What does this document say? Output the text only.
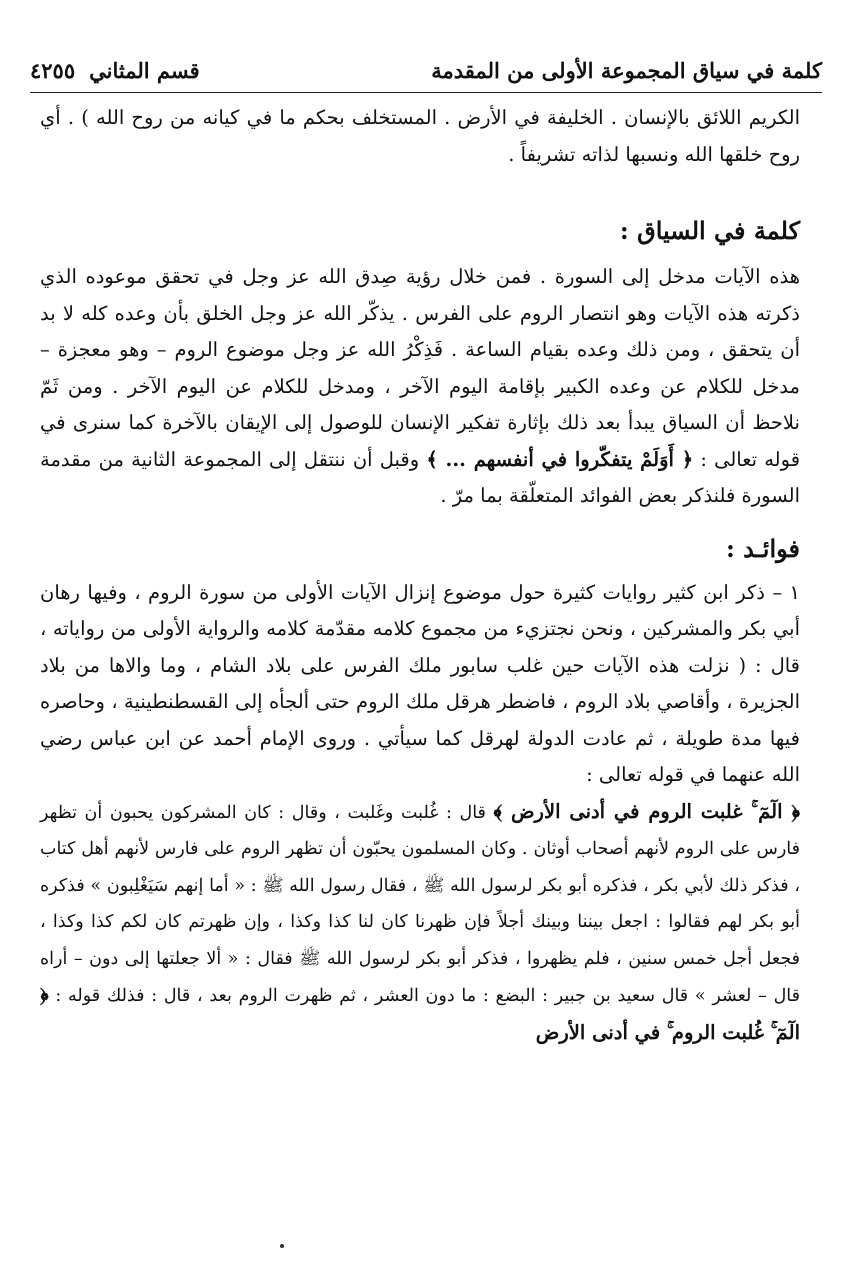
كلمة في سياق المجموعة الأولى من المقدمة
قسم المثاني
٤٢٥٥

الكريم اللائق بالإنسان . الخليفة في الأرض . المستخلف بحكم ما في كيانه من روح الله ) . أي روح خلقها الله ونسبها لذاته تشريفاً .

كلمة في السياق :

هذه الآيات مدخل إلى السورة . فمن خلال رؤية صِدق الله عز وجل في تحقق موعوده الذي ذكرته هذه الآيات وهو انتصار الروم على الفرس . يذكّر الله عز وجل الخلق بأن وعده كله لا بد أن يتحقق ، ومن ذلك وعده بقيام الساعة . فَذِكْرُ الله عز وجل موضوع الروم – وهو معجزة – مدخل للكلام عن وعده الكبير بإقامة اليوم الآخر ، ومدخل للكلام عن اليوم الآخر . ومن ثَمّ نلاحظ أن السياق يبدأ بعد ذلك بإثارة تفكير الإنسان للوصول إلى الإيقان بالآخرة كما سنرى في قوله تعالى : ﴿ أَوَلَمْ يتفكّروا في أنفسهم ... ﴾ وقبل أن ننتقل إلى المجموعة الثانية من مقدمة السورة فلنذكر بعض الفوائد المتعلّقة بما مرّ .

فوائـد :

١ – ذكر ابن كثير روايات كثيرة حول موضوع إنزال الآيات الأولى من سورة الروم ، وفيها رهان أبي بكر والمشركين ، ونحن نجتزيء من مجموع كلامه مقدّمة كلامه والرواية الأولى من رواياته ، قال : ( نزلت هذه الآيات حين غلب سابور ملك الفرس على بلاد الشام ، وما والاها من بلاد الجزيرة ، وأقاصي بلاد الروم ، فاضطر هرقل ملك الروم حتى ألجأه إلى القسطنطينية ، وحاصره فيها مدة طويلة ، ثم عادت الدولة لهرقل كما سيأتي . وروى الإمام أحمد عن ابن عباس رضي الله عنهما في قوله تعالى :

﴿ الٓمٓ ۚ غلبت الروم في أدنى الأرض ﴾ قال : غُلبت وغَلبت ، وقال : كان المشركون يحبون أن تظهر فارس على الروم لأنهم أصحاب أوثان . وكان المسلمون يحبّون أن تظهر الروم على فارس لأنهم أهل كتاب ، فذكر ذلك لأبي بكر ، فذكره أبو بكر لرسول الله ﷺ ، فقال رسول الله ﷺ : « أما إنهم سَيَغْلِبون » فذكره أبو بكر لهم فقالوا : اجعل بيننا وبينك أجلاً فإن ظهرنا كان لنا كذا وكذا ، وإن ظهرتم كان لكم كذا وكذا ، فجعل أجل خمس سنين ، فلم يظهروا ، فذكر أبو بكر لرسول الله ﷺ فقال : « ألا جعلتها إلى دون – أراه قال – لعشر » قال سعيد بن جبير : البضع : ما دون العشر ، ثم ظهرت الروم بعد ، قال : فذلك قوله : ﴿ الٓمٓ ۚ غُلبت الروم ۚ في أدنى الأرض
